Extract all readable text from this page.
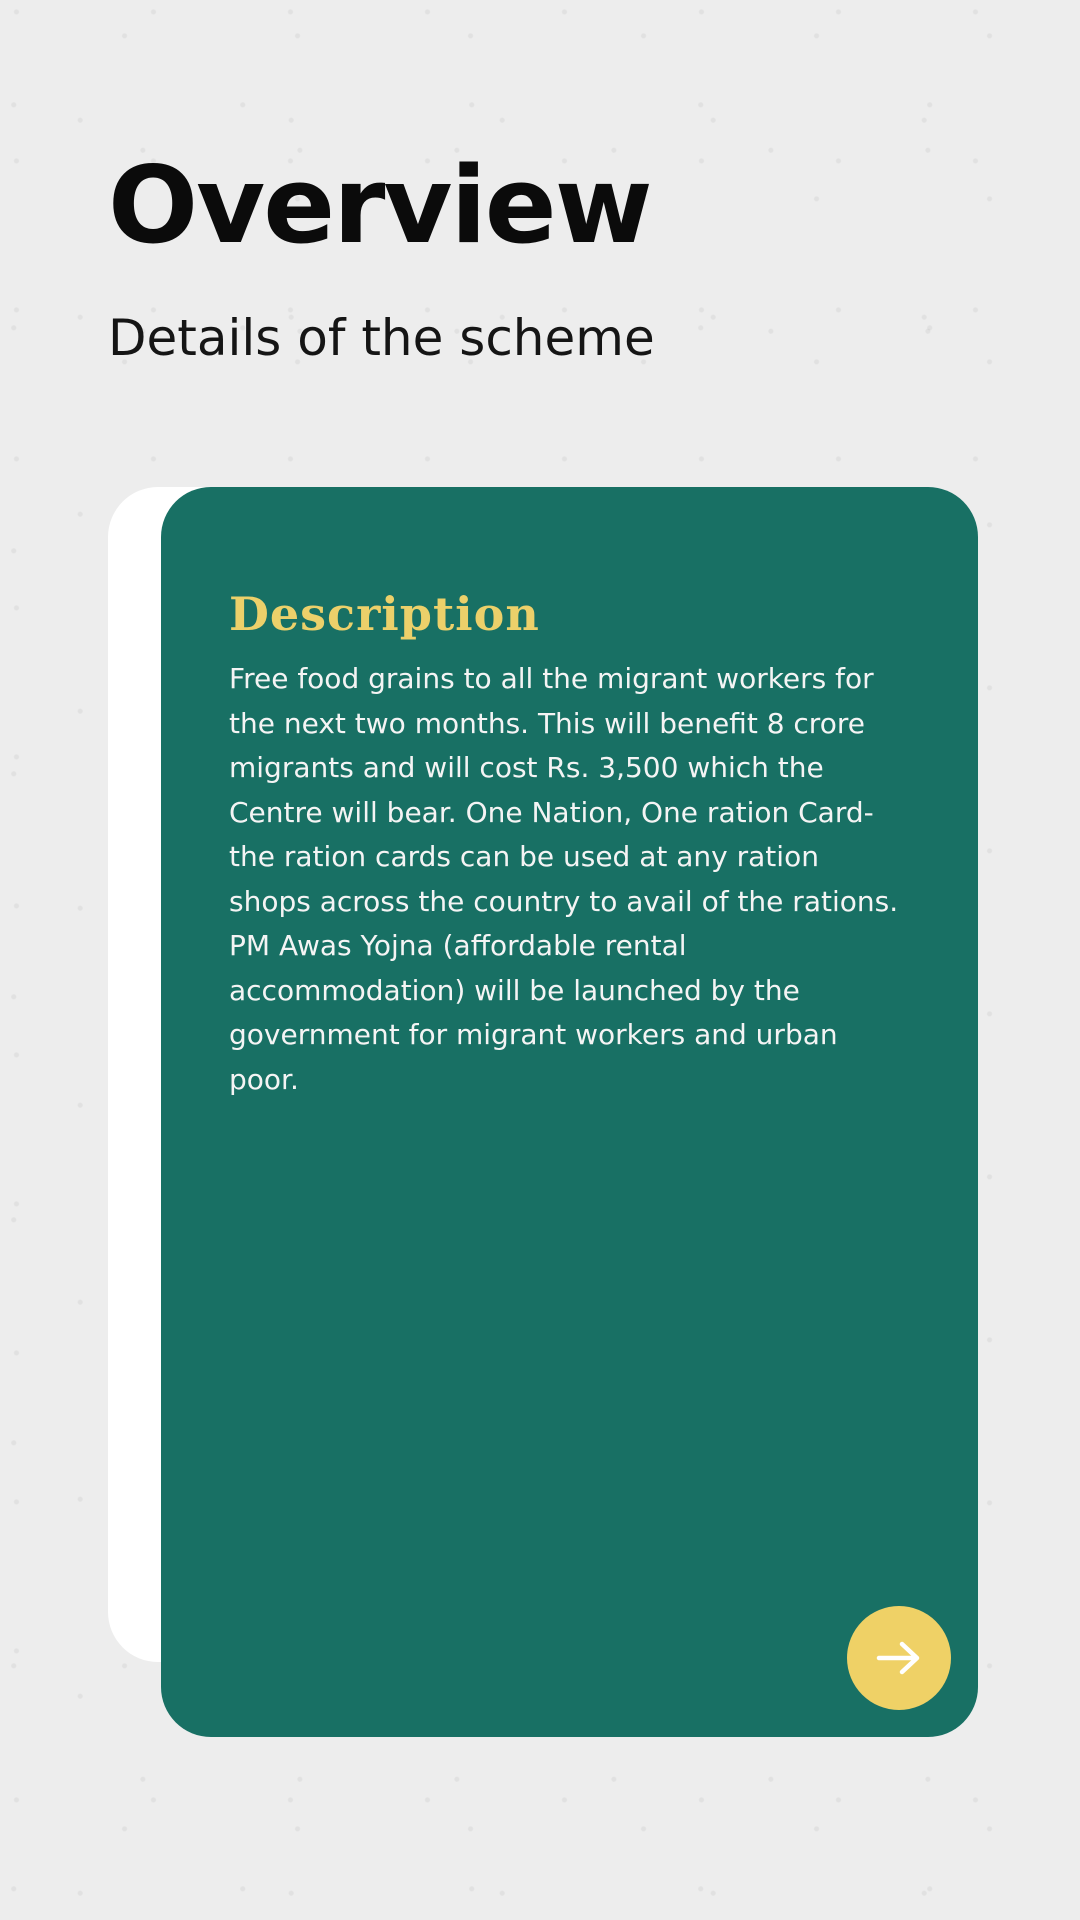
Overview
Details of the scheme
Description

Free food grains to all the migrant workers for the next two months. This will benefit 8 crore migrants and will cost Rs. 3,500 which the Centre will bear. One Nation, One ration Card- the ration cards can be used at any ration shops across the country to avail of the rations. PM Awas Yojna (affordable rental accommodation) will be launched by the government for migrant workers and urban poor.
